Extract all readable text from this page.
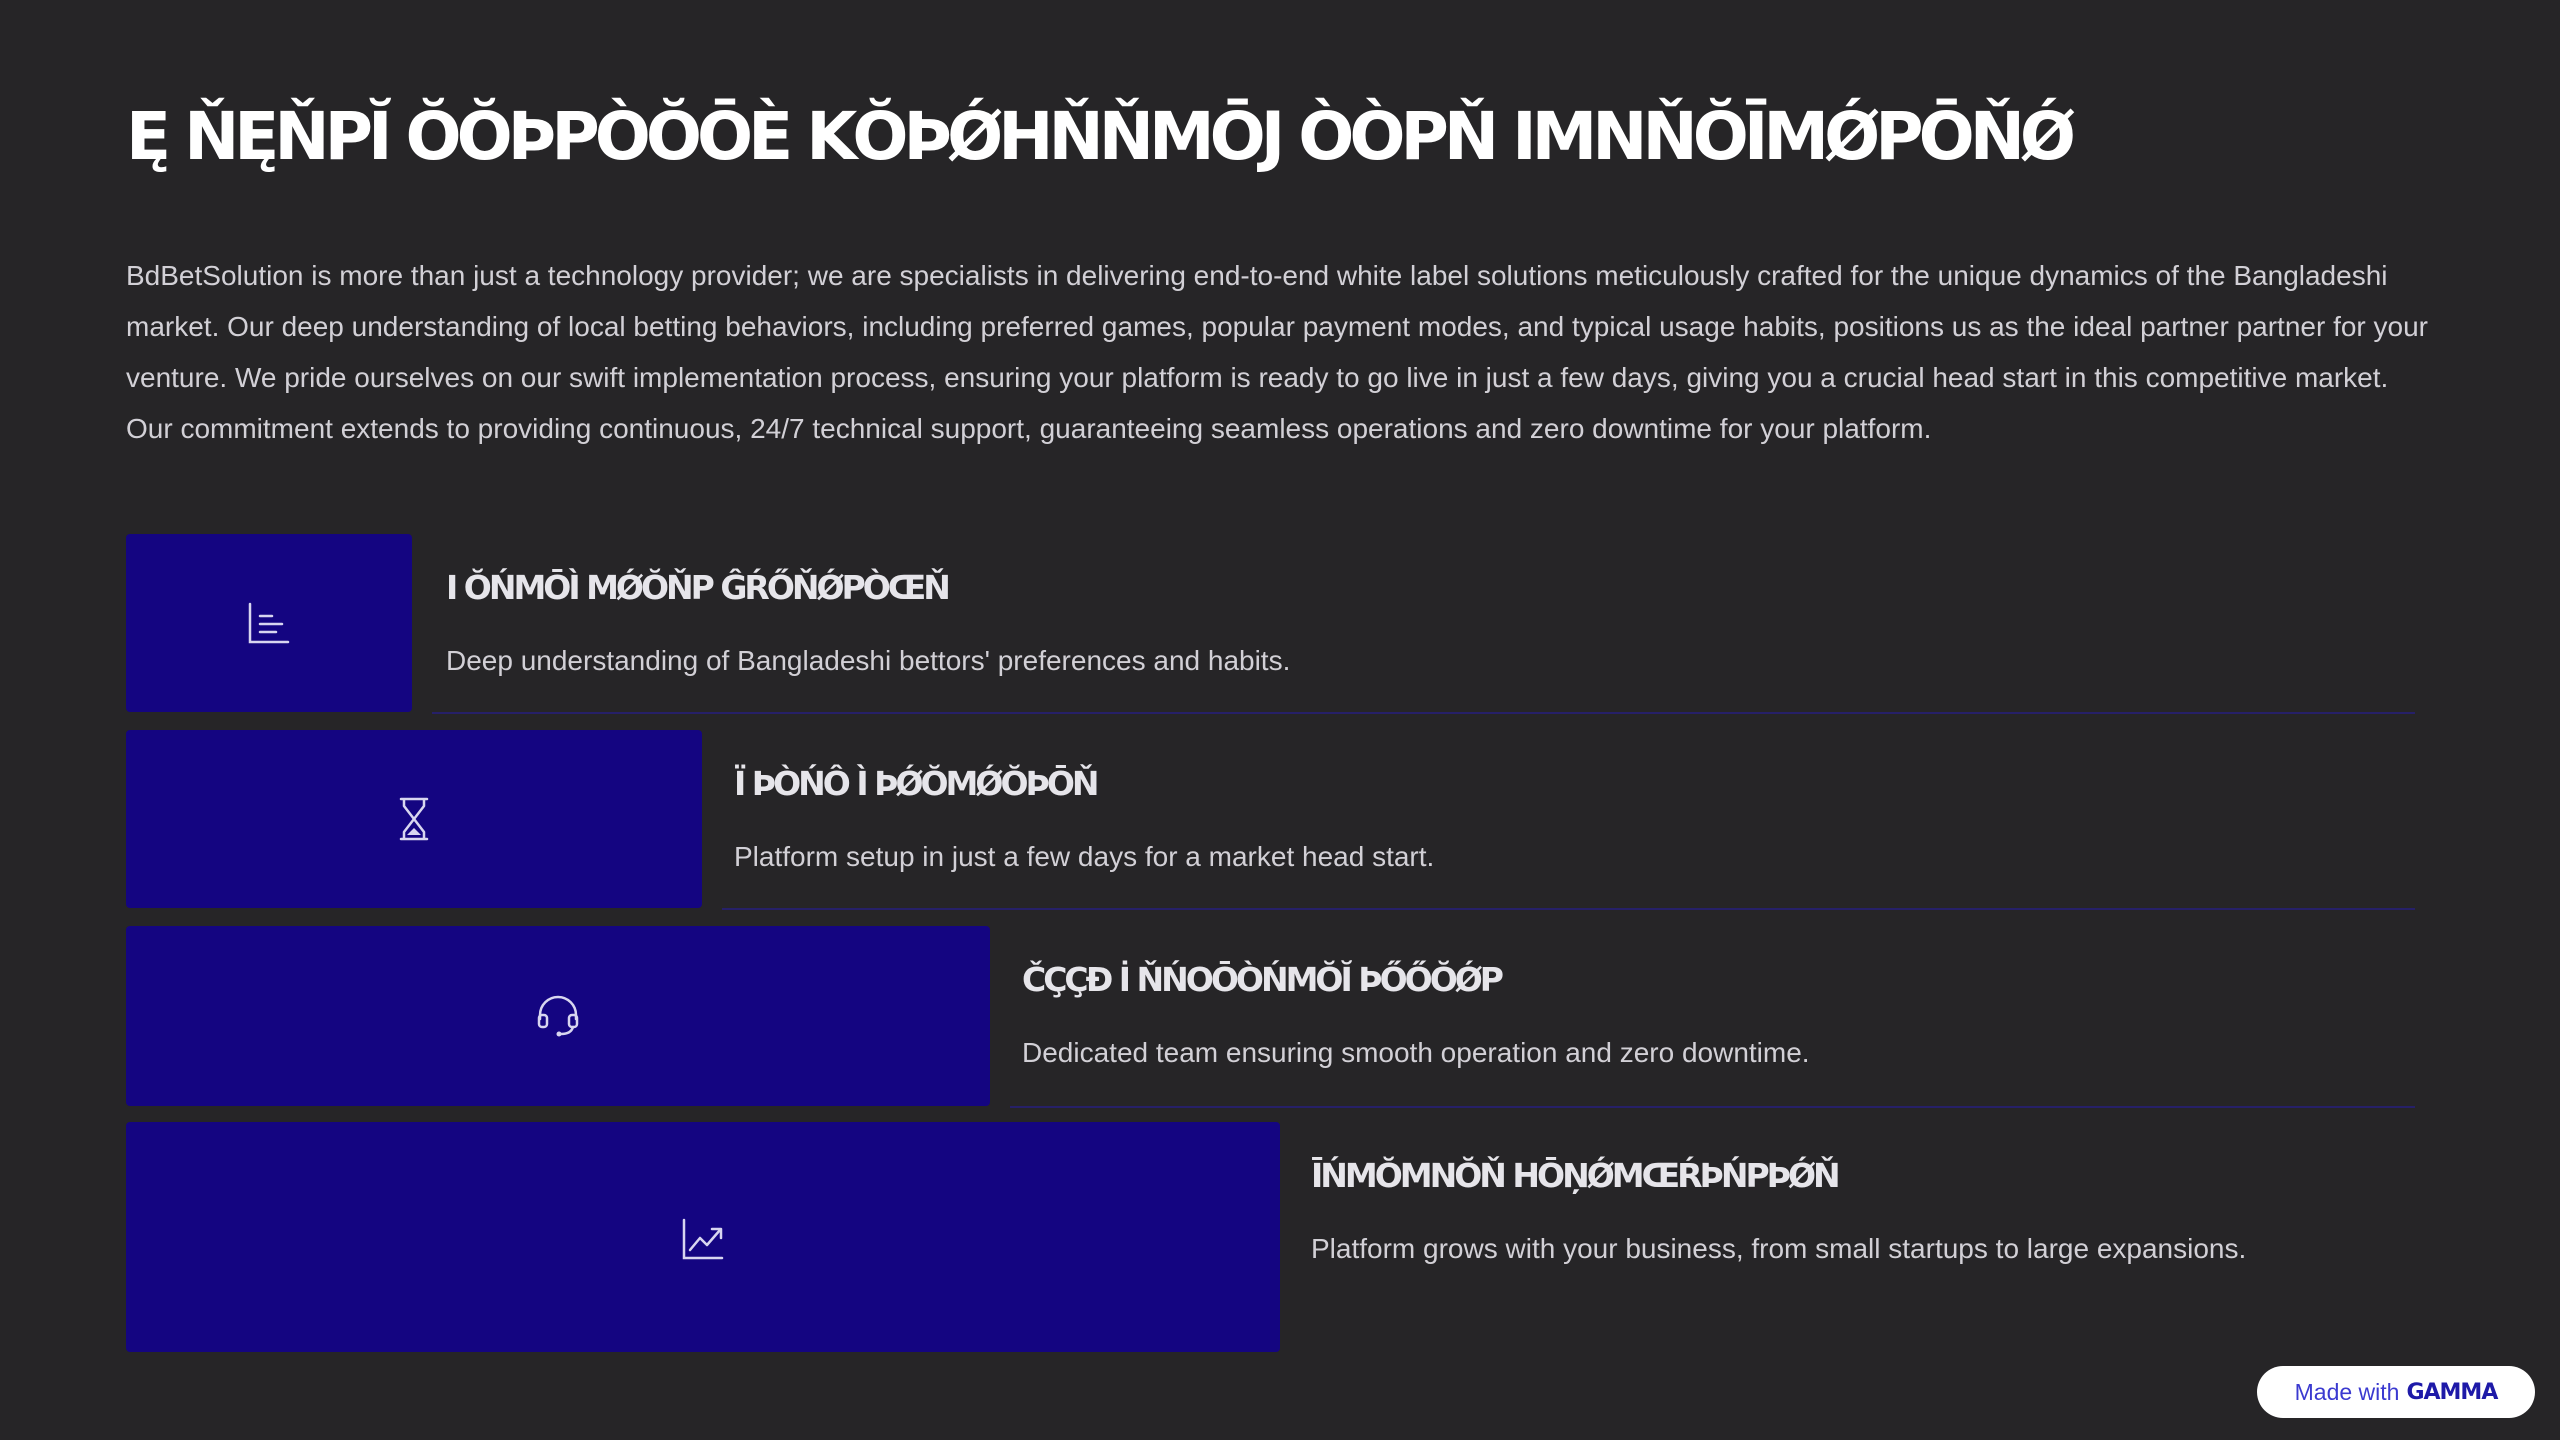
Ę ŇĘŇPĬ ŎŎÞPÒŎŌÈ KŎÞǾHŇŇMŌJ ÒÒPŇ IMNŇŎĪMǾPŌŇǾ

BdBetSolution is more than just a technology provider; we are specialists in delivering end-to-end white label solutions meticulously crafted for the unique dynamics of the Bangladeshi market. Our deep understanding of local betting behaviors, including preferred games, popular payment modes, and typical usage habits, positions us as the ideal partner partner for your venture. We pride ourselves on our swift implementation process, ensuring your platform is ready to go live in just a few days, giving you a crucial head start in this competitive market. Our commitment extends to providing continuous, 24/7 technical support, guaranteeing seamless operations and zero downtime for your platform.

I ŎŃMŌÌ MǾŎŇP ĜŔŐŇǾPÒŒŇ

Deep understanding of Bangladeshi bettors' preferences and habits.

Ï ÞÒŃÔ Ì ÞǾŎMǾŎÞŌŇ

Platform setup in just a few days for a market head start.

ČÇÇĐ İ ŇŃOŌÒŃMŎĬ ÞŐŐŎǾP

Dedicated team ensuring smooth operation and zero downtime.

ĪŃMŎMNŎŇ HŌŅǾMŒŔÞŃPÞǾŇ

Platform grows with your business, from small startups to large expansions.

Made with GAMMA
